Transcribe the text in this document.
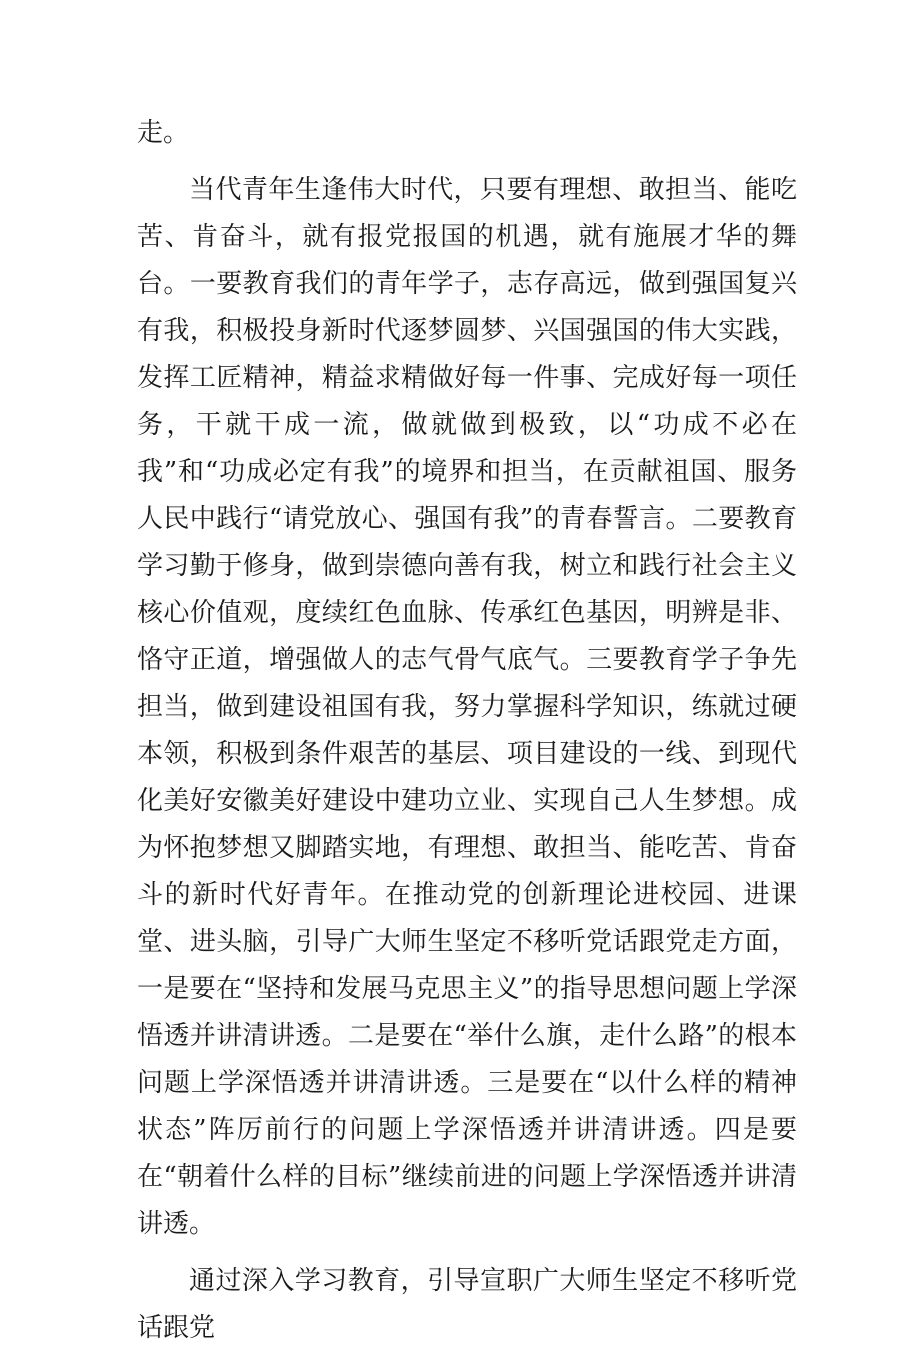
走。

当代青年生逢伟大时代，只要有理想、敢担当、能吃苦、肯奋斗，就有报党报国的机遇，就有施展才华的舞台。一要教育我们的青年学子，志存高远，做到强国复兴有我，积极投身新时代逐梦圆梦、兴国强国的伟大实践，发挥工匠精神，精益求精做好每一件事、完成好每一项任务，干就干成一流，做就做到极致，以“功成不必在我”和“功成必定有我”的境界和担当，在贡献祖国、服务人民中践行“请党放心、强国有我”的青春誓言。二要教育学习勤于修身，做到崇德向善有我，树立和践行社会主义核心价值观，度续红色血脉、传承红色基因，明辨是非、恪守正道，增强做人的志气骨气底气。三要教育学子争先担当，做到建设祖国有我，努力掌握科学知识，练就过硬本领，积极到条件艰苦的基层、项目建设的一线、到现代化美好安徽美好建设中建功立业、实现自己人生梦想。成为怀抱梦想又脚踏实地，有理想、敢担当、能吃苦、肯奋斗的新时代好青年。在推动党的创新理论进校园、进课堂、进头脑，引导广大师生坚定不移听党话跟党走方面，一是要在“坚持和发展马克思主义”的指导思想问题上学深悟透并讲清讲透。二是要在“举什么旗，走什么路”的根本问题上学深悟透并讲清讲透。三是要在“以什么样的精神状态”阵厉前行的问题上学深悟透并讲清讲透。四是要在“朝着什么样的目标”继续前进的问题上学深悟透并讲清讲透。

通过深入学习教育，引导宣职广大师生坚定不移听党话跟党
